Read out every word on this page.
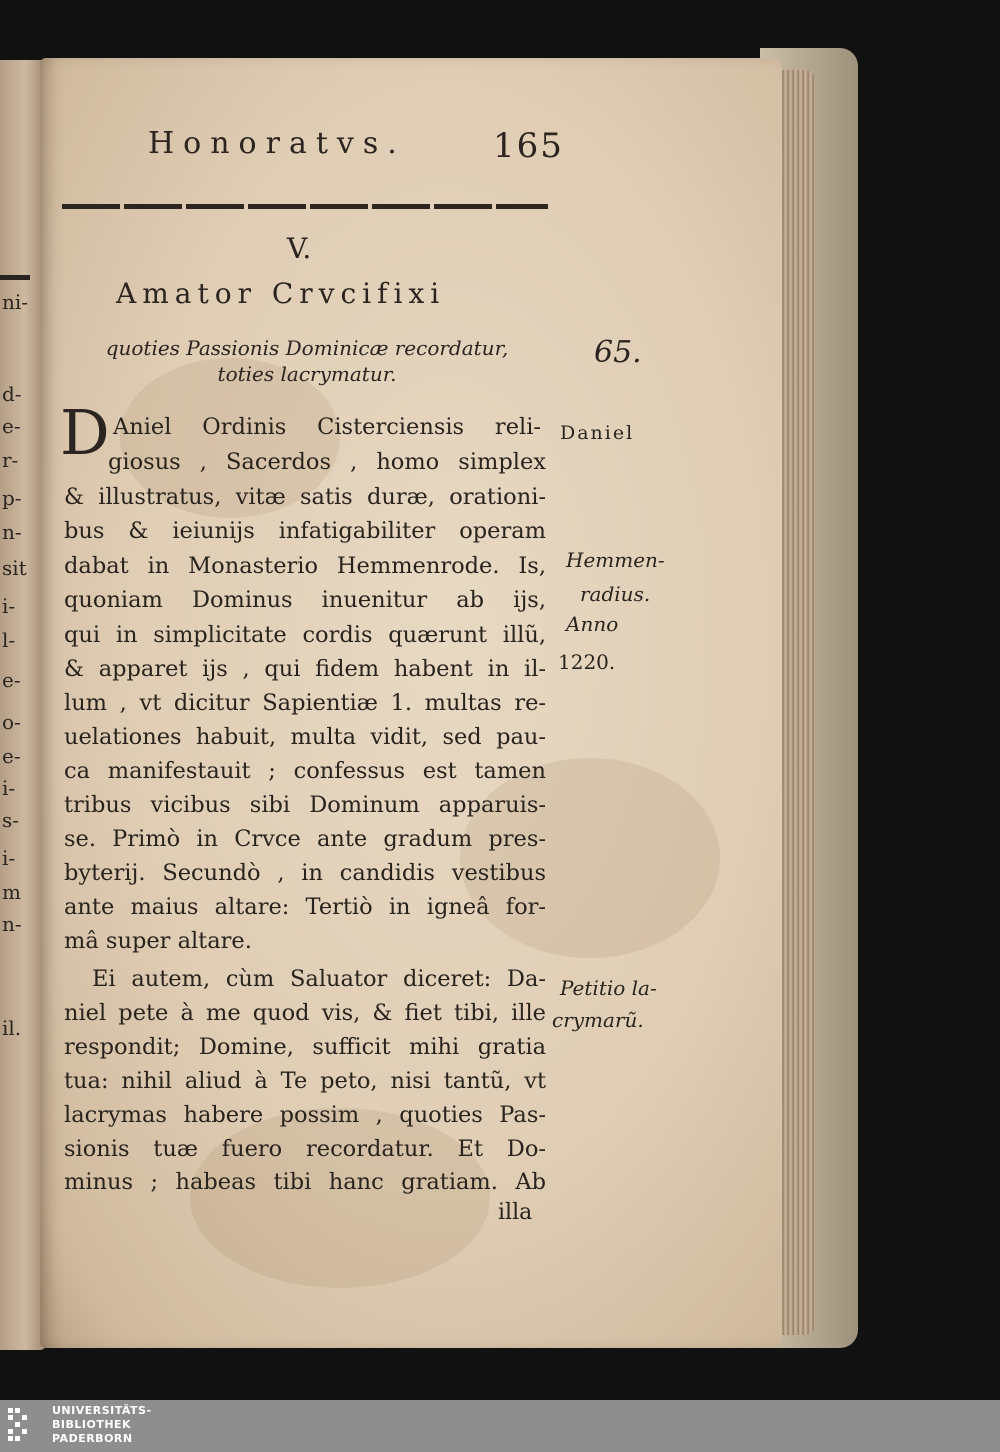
ni-
d-
e-
r-
p-
n-
sit
i-
l-
e-
o-
e-
i-
s-
i-
m
n-
il.
Honoratvs.	165
V.
Amator Crvcifixi
quoties Passionis Dominicæ recordatur,
toties lacrymatur.
65.
D Aniel Ordinis Cisterciensis reli-
giosus , Sacerdos , homo simplex
& illustratus, vitæ satis duræ, orationi-
bus & ieiunijs infatigabiliter operam
dabat in Monasterio Hemmenrode. Is,
quoniam Dominus inuenitur ab ijs,
qui in simplicitate cordis quærunt illũ,
& apparet ijs , qui fidem habent in il-
lum , vt dicitur Sapientiæ 1. multas re-
uelationes habuit, multa vidit, sed pau-
ca manifestauit ; confessus est tamen
tribus vicibus sibi Dominum apparuis-
se. Primò in Crvce ante gradum pres-
byterij. Secundò , in candidis vestibus
ante maius altare: Tertiò in igneâ for-
mâ super altare.
Ei autem, cùm Saluator diceret: Da-
niel pete à me quod vis, & fiet tibi, ille
respondit; Domine, sufficit mihi gratia
tua: nihil aliud à Te peto, nisi tantũ, vt
lacrymas habere possim , quoties Pas-
sionis tuæ fuero recordatur. Et Do-
minus ; habeas tibi hanc gratiam. Ab
illa
Daniel
Hemmen-
radius.
Anno
1220.
Petitio la-
crymarũ.
UNIVERSITÄTS-
BIBLIOTHEK
PADERBORN
